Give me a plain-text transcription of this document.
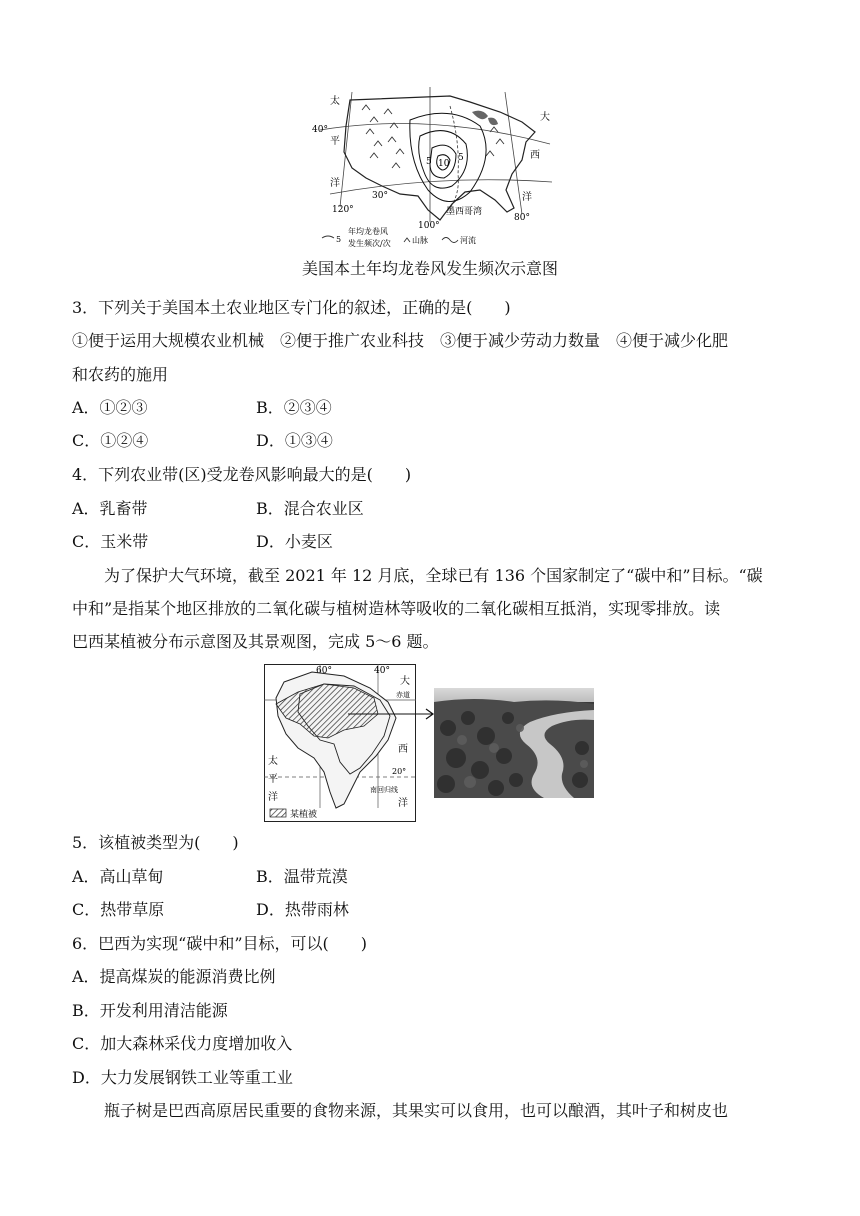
太
40°
平
洋
30°
120°
100°
80°
大
西
洋
墨西哥湾
5 10
5
5
年均龙卷风
发生频次/次	山脉	河流
美国本土年均龙卷风发生频次示意图
3．下列关于美国本土农业地区专门化的叙述，正确的是(　　)
①便于运用大规模农业机械　②便于推广农业科技　③便于减少劳动力数量　④便于减少化肥
和农药的施用
A．①②③	B．②③④
C．①②④	D．①③④
4．下列农业带(区)受龙卷风影响最大的是(　　)
A．乳畜带	B．混合农业区
C．玉米带	D．小麦区
为了保护大气环境，截至 2021 年 12 月底，全球已有 136 个国家制定了“碳中和”目标。“碳
中和”是指某个地区排放的二氧化碳与植树造林等吸收的二氧化碳相互抵消，实现零排放。读
巴西某植被分布示意图及其景观图，完成 5～6 题。
60°	40°
大
赤道
西
20°
南回归线
洋
太
平
洋
某植被
5．该植被类型为(　　)
A．高山草甸	B．温带荒漠
C．热带草原	D．热带雨林
6．巴西为实现“碳中和”目标，可以(　　)
A．提高煤炭的能源消费比例
B．开发利用清洁能源
C．加大森林采伐力度增加收入
D．大力发展钢铁工业等重工业
瓶子树是巴西高原居民重要的食物来源，其果实可以食用，也可以酿酒，其叶子和树皮也
